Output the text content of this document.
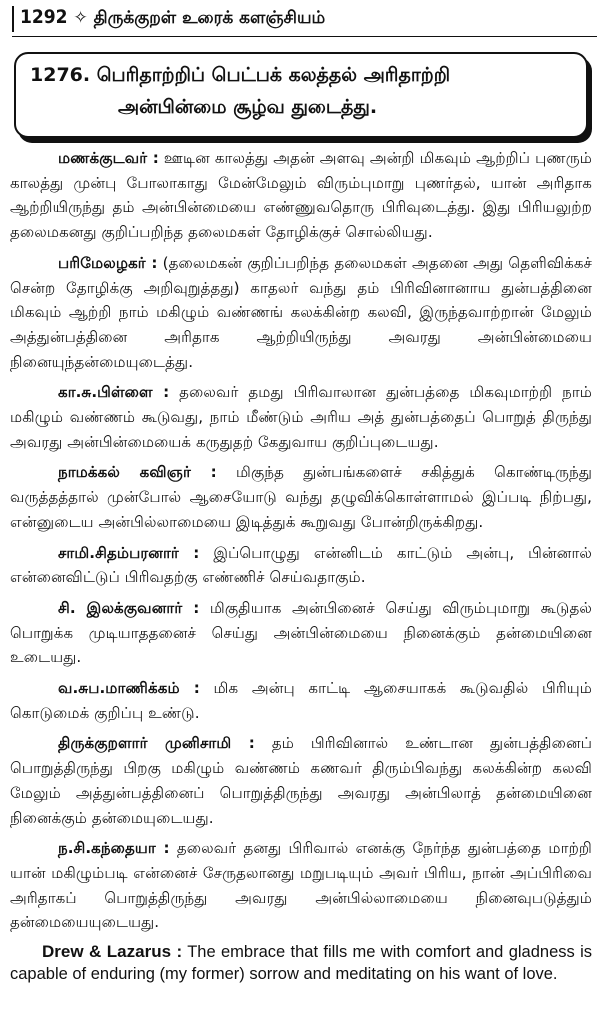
1292 ✧ திருக்குறள் உரைக் களஞ்சியம்
1276. பெரிதாற்றிப் பெட்பக் கலத்தல் அரிதாற்றி
அன்பின்மை சூழ்வ துடைத்து.

மணக்குடவர் : ஊடின காலத்து அதன் அளவு அன்றி மிகவும் ஆற்றிப் புணரும் காலத்து முன்பு போலாகாது மேன்மேலும் விரும்புமாறு புணர்தல், யான் அரிதாக ஆற்றியிருந்து தம் அன்பின்மையை எண்ணுவதொரு பிரிவுடைத்து. இது பிரியலுற்ற தலைமகனது குறிப்பறிந்த தலைமகள் தோழிக்குச் சொல்லியது.

பரிமேலழகர் : (தலைமகன் குறிப்பறிந்த தலைமகள் அதனை அது தெளிவிக்கச் சென்ற தோழிக்கு அறிவுறுத்தது) காதலர் வந்து தம் பிரிவினானாய துன்பத்தினை மிகவும் ஆற்றி நாம் மகிழும் வண்ணங் கலக்கின்ற கலவி, இருந்தவாற்றான் மேலும் அத்துன்பத்தினை அரிதாக ஆற்றியிருந்து அவரது அன்பின்மையை நினையுந்தன்மையுடைத்து.

கா.சு.பிள்ளை : தலைவர் தமது பிரிவாலான துன்பத்தை மிகவுமாற்றி நாம் மகிழும் வண்ணம் கூடுவது, நாம் மீண்டும் அரிய அத் துன்பத்தைப் பொறுத் திருந்து அவரது அன்பின்மையைக் கருதுதற் கேதுவாய குறிப்புடையது.

நாமக்கல் கவிஞர் : மிகுந்த துன்பங்களைச் சகித்துக் கொண்டிருந்து வருத்தத்தால் முன்போல் ஆசையோடு வந்து தழுவிக்கொள்ளாமல் இப்படி நிற்பது, என்னுடைய அன்பில்லாமையை இடித்துக் கூறுவது போன்றிருக்கிறது.

சாமி.சிதம்பரனார் : இப்பொழுது என்னிடம் காட்டும் அன்பு, பின்னால் என்னைவிட்டுப் பிரிவதற்கு எண்ணிச் செய்வதாகும்.

சி. இலக்குவனார் : மிகுதியாக அன்பினைச் செய்து விரும்புமாறு கூடுதல் பொறுக்க முடியாததனைச் செய்து அன்பின்மையை நினைக்கும் தன்மையினை உடையது.

வ.சுப.மாணிக்கம் : மிக அன்பு காட்டி ஆசையாகக் கூடுவதில் பிரியும் கொடுமைக் குறிப்பு உண்டு.

திருக்குறளார் முனிசாமி : தம் பிரிவினால் உண்டான துன்பத்தினைப் பொறுத்திருந்து பிறகு மகிழும் வண்ணம் கணவர் திரும்பிவந்து கலக்கின்ற கலவி மேலும் அத்துன்பத்தினைப் பொறுத்திருந்து அவரது அன்பிலாத் தன்மையினை நினைக்கும் தன்மையுடையது.

ந.சி.கந்தையா : தலைவர் தனது பிரிவால் எனக்கு நேர்ந்த துன்பத்தை மாற்றி யான் மகிழும்படி என்னைச் சேருதலானது மறுபடியும் அவர் பிரிய, நான் அப்பிரிவை அரிதாகப் பொறுத்திருந்து அவரது அன்பில்லாமையை நினைவுபடுத்தும் தன்மையையுடையது.

Drew & Lazarus : The embrace that fills me with comfort and gladness is capable of enduring (my former) sorrow and meditating on his want of love.
